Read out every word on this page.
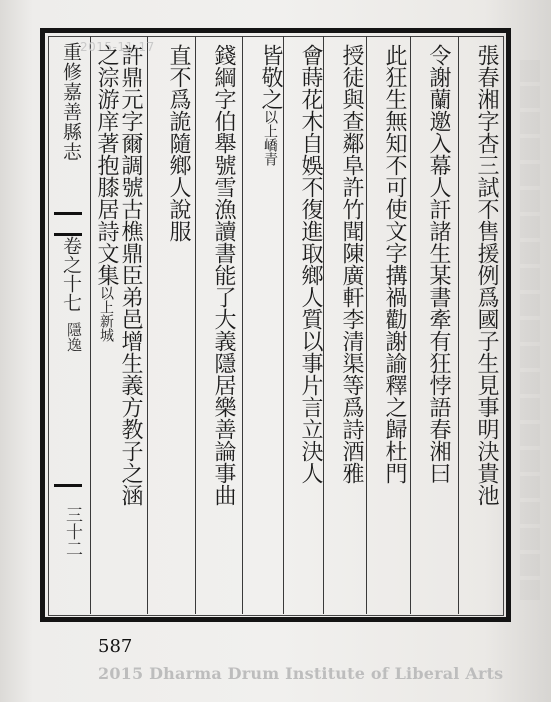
2015-11-17
重修嘉善縣志
卷之十七
隱逸
三十二
張春湘字杏三試不售援例爲國子生見事明決貴池
令謝蘭邀入幕人訐諸生某書牽有狂悖語春湘曰
此狂生無知不可使文字搆禍勸謝諭釋之歸杜門
授徒與查鄰阜許竹聞陳廣軒李清渠等爲詩酒雅
會蒔花木自娛不復進取鄉人質以事片言立決人
皆敬之以上嶠青
錢綱字伯舉號雪漁讀書能了大義隱居樂善論事曲
直不爲詭隨鄉人說服
許鼎元字爾調號古樵鼎臣弟邑增生義方教子之涵
之淙游庠著抱膝居詩文集以上新城
587
2015 Dharma Drum Institute of Liberal Arts
